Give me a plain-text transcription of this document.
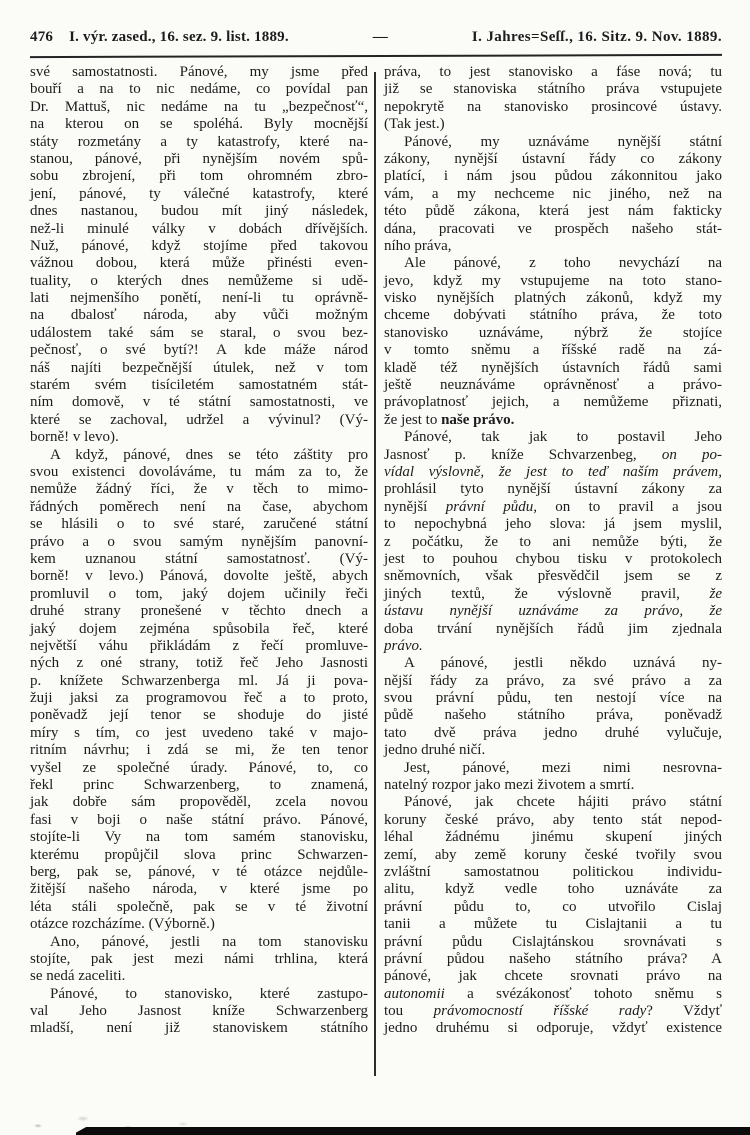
476 I. výr. zased., 16. sez. 9. list. 1889.	—	I. Jahres=Seſſ., 16. Sitz. 9. Nov. 1889.
své samostatnosti. Pánové, my jsme před
bouří a na to nic nedáme, co povídal pan
Dr. Mattuš, nic nedáme na tu „bezpečnosť“,
na kterou on se spoléhá. Byly mocnější
státy rozmetány a ty katastrofy, které na-
stanou, pánové, při nynějším novém spů-
sobu zbrojení, při tom ohromném zbro-
jení, pánové, ty válečné katastrofy, které
dnes nastanou, budou mít jiný následek,
než-li minulé války v dobách dřívějších.
Nuž, pánové, když stojíme před takovou
vážnou dobou, která může přinésti even-
tuality, o kterých dnes nemůžeme si udě-
lati nejmenšího ponětí, není-li tu oprávně-
na dbalosť národa, aby vůči možným
událostem také sám se staral, o svou bez-
pečnosť, o své bytí?! A kde máže národ
náš najíti bezpečnější útulek, než v tom
starém svém tisíciletém samostatném stát-
ním domově, v té státní samostatnosti, ve
které se zachoval, udržel a vývinul? (Vý-
borně! v levo).
A když, pánové, dnes se této záštity pro
svou existenci dovoláváme, tu mám za to, že
nemůže žádný říci, že v těch to mimo-
řádných poměrech není na čase, abychom
se hlásili o to své staré, zaručené státní
právo a o svou samým nynějším panovní-
kem uznanou státní samostatnosť. (Vý-
borně! v levo.) Pánová, dovolte ještě, abych
promluvil o tom, jaký dojem učinily řeči
druhé strany pronešené v těchto dnech a
jaký dojem zejména spůsobila řeč, které
největší váhu přikládám z řečí promluve-
ných z oné strany, totiž řeč Jeho Jasnosti
p. knížete Schwarzenberga ml. Já ji pova-
žuji jaksi za programovou řeč a to proto,
poněvadž její tenor se shoduje do jisté
míry s tím, co jest uvedeno také v majo-
ritním návrhu; i zdá se mi, že ten tenor
vyšel ze společné úrady. Pánové, to, co
řekl princ Schwarzenberg, to znamená,
jak dobře sám propověděl, zcela novou
fasi v boji o naše státní právo. Pánové,
stojíte-li Vy na tom samém stanovisku,
kterému propůjčil slova princ Schwarzen-
berg, pak se, pánové, v té otázce nejdůle-
žitější našeho národa, v které jsme po
léta stáli společně, pak se v té životní
otázce rozcházíme. (Výborně.)
Ano, pánové, jestli na tom stanovisku
stojíte, pak jest mezi námi trhlina, která
se nedá zaceliti.
Pánové, to stanovisko, které zastupo-
val Jeho Jasnost kníže Schwarzenberg
mladší, není již stanoviskem státního
práva, to jest stanovisko a fáse nová; tu
již se stanoviska státního práva vstupujete
nepokrytě na stanovisko prosincové ústavy.
(Tak jest.)
Pánové, my uznáváme nynější státní
zákony, nynější ústavní řády co zákony
platící, i nám jsou půdou zákonnitou jako
vám, a my nechceme nic jiného, než na
této půdě zákona, která jest nám fakticky
dána, pracovati ve prospěch našeho stát-
ního práva,
Ale pánové, z toho nevychází na
jevo, když my vstupujeme na toto stano-
visko nynějších platných zákonů, když my
chceme dobývati státního práva, že toto
stanovisko uznáváme, nýbrž že stojíce
v tomto sněmu a říšské radě na zá-
kladě též nynějších ústavních řádů sami
ještě neuznáváme oprávněnosť a právo-
právoplatnosť jejich, a nemůžeme přiznati,
že jest to naše právo.
Pánové, tak jak to postavil Jeho
Jasnosť p. kníže Schvarzenbeg, on po-
vídal výslovně, že jest to teď naším právem,
prohlásil tyto nynější ústavní zákony za
nynější právní půdu, on to pravil a jsou
to nepochybná jeho slova: já jsem myslil,
z počátku, že to ani nemůže býti, že
jest to pouhou chybou tisku v protokolech
sněmovních, však přesvědčil jsem se z
jiných textů, že výslovně pravil, že
ústavu nynější uznáváme za právo, že
doba trvání nynějších řádů jim zjednala
právo.
A pánové, jestli někdo uznává ny-
nější řády za právo, za své právo a za
svou právní půdu, ten nestojí více na
půdě našeho státního práva, poněvadž
tato dvě práva jedno druhé vylučuje,
jedno druhé ničí.
Jest, pánové, mezi nimi nesrovna-
natelný rozpor jako mezi životem a smrtí.
Pánové, jak chcete hájiti právo státní
koruny české právo, aby tento stát nepod-
léhal žádnému jinému skupení jiných
zemí, aby země koruny české tvořily svou
zvláštní samostatnou politickou individu-
alitu, když vedle toho uznáváte za
právní půdu to, co utvořilo Cislaj
tanii a můžete tu Cislajtanii a tu
právní půdu Cislajtánskou srovnávati s
právní půdou našeho státního práva? A
pánové, jak chcete srovnati právo na
autonomii a svézákonosť tohoto sněmu s
tou právomocností říšské rady? Vždyť
jedno druhému si odporuje, vždyť existence
